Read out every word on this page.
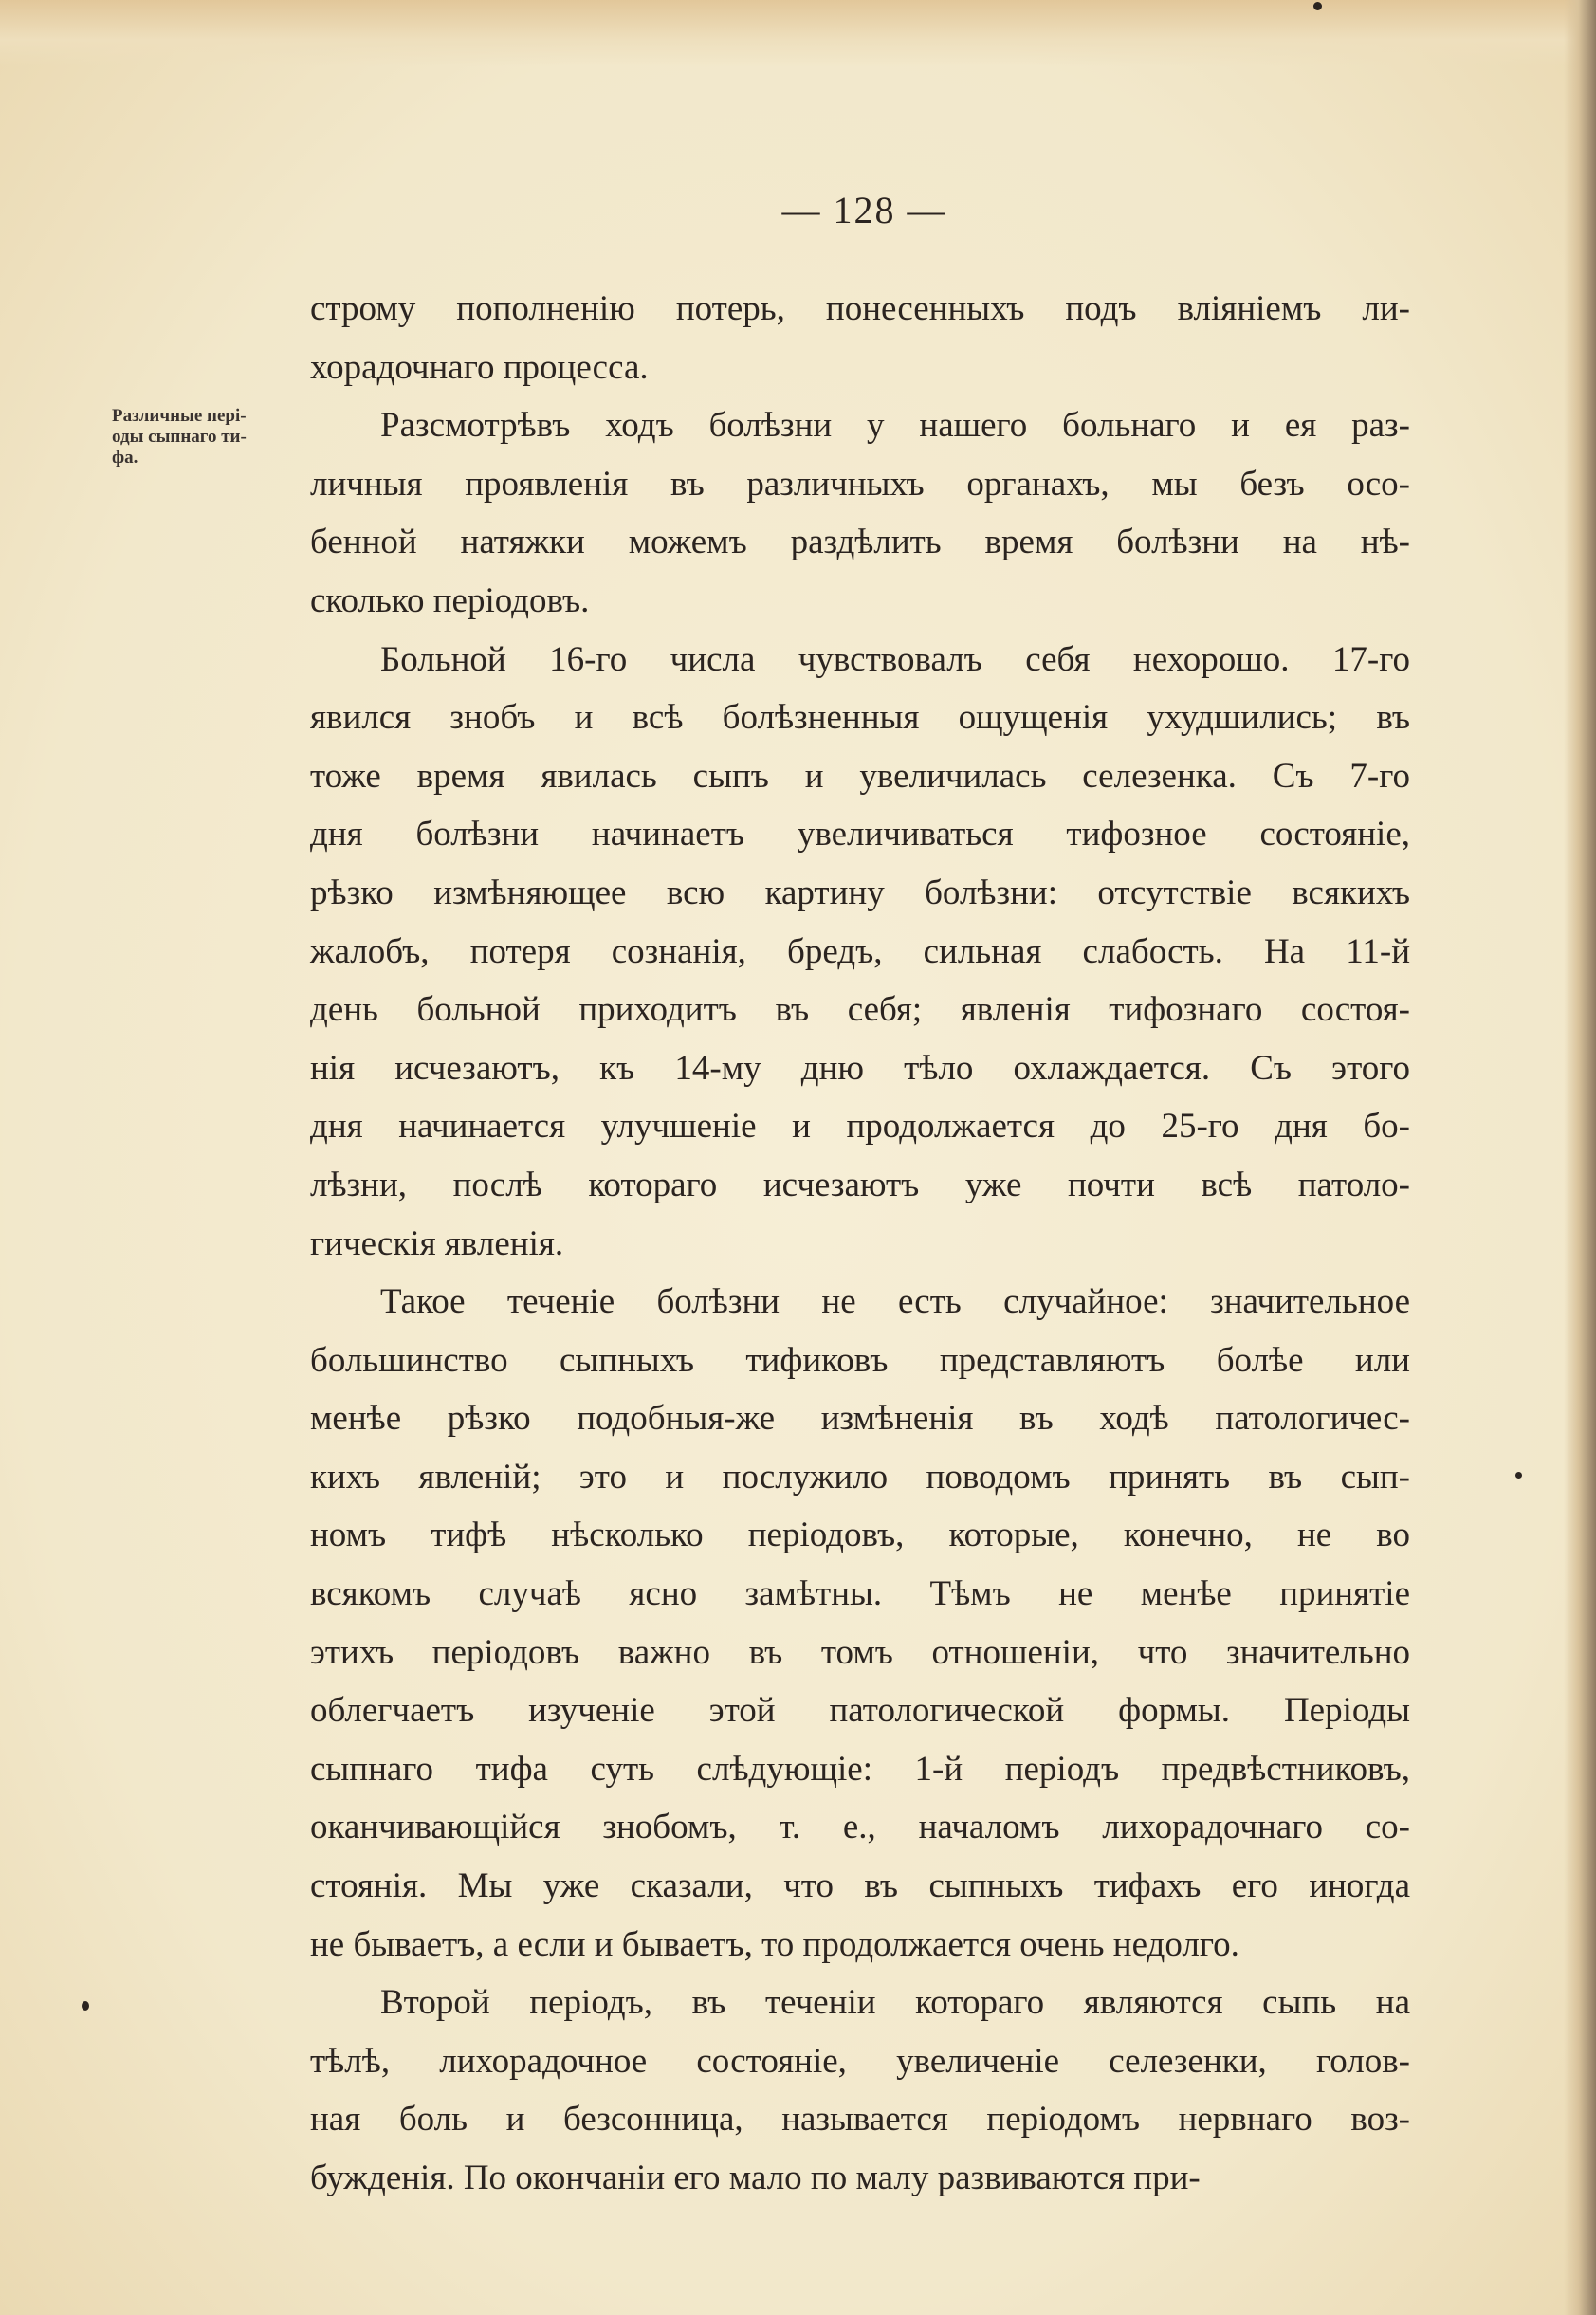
— 128 —
Различные пері-
оды сыпнаго ти-
фа.
строму пополненію потерь, понесенныхъ подъ вліяніемъ ли-
хорадочнаго процесса.
Разсмотрѣвъ ходъ болѣзни у нашего больнаго и ея раз-
личныя проявленія въ различныхъ органахъ, мы безъ осо-
бенной натяжки можемъ раздѣлить время болѣзни на нѣ-
сколько періодовъ.
Больной 16-го числа чувствовалъ себя нехорошо. 17-го
явился знобъ и всѣ болѣзненныя ощущенія ухудшились; въ
тоже время явилась сыпъ и увеличилась селезенка. Съ 7-го
дня болѣзни начинаетъ увеличиваться тифозное состояніе,
рѣзко измѣняющее всю картину болѣзни: отсутствіе всякихъ
жалобъ, потеря сознанія, бредъ, сильная слабость. На 11-й
день больной приходитъ въ себя; явленія тифознаго состоя-
нія исчезаютъ, къ 14-му дню тѣло охлаждается. Съ этого
дня начинается улучшеніе и продолжается до 25-го дня бо-
лѣзни, послѣ котораго исчезаютъ уже почти всѣ патоло-
гическія явленія.
Такое теченіе болѣзни не есть случайное: значительное
большинство сыпныхъ тификовъ представляютъ болѣе или
менѣе рѣзко подобныя-же измѣненія въ ходѣ патологичес-
кихъ явленій; это и послужило поводомъ принять въ сып-
номъ тифѣ нѣсколько періодовъ, которые, конечно, не во
всякомъ случаѣ ясно замѣтны. Тѣмъ не менѣе принятіе
этихъ періодовъ важно въ томъ отношеніи, что значительно
облегчаетъ изученіе этой патологической формы. Періоды
сыпнаго тифа суть слѣдующіе: 1-й періодъ предвѣстниковъ,
оканчивающійся знобомъ, т. е., началомъ лихорадочнаго со-
стоянія. Мы уже сказали, что въ сыпныхъ тифахъ его иногда
не бываетъ, а если и бываетъ, то продолжается очень недолго.
Второй періодъ, въ теченіи котораго являются сыпь на
тѣлѣ, лихорадочное состояніе, увеличеніе селезенки, голов-
ная боль и безсонница, называется періодомъ нервнаго воз-
бужденія. По окончаніи его мало по малу развиваются при-
